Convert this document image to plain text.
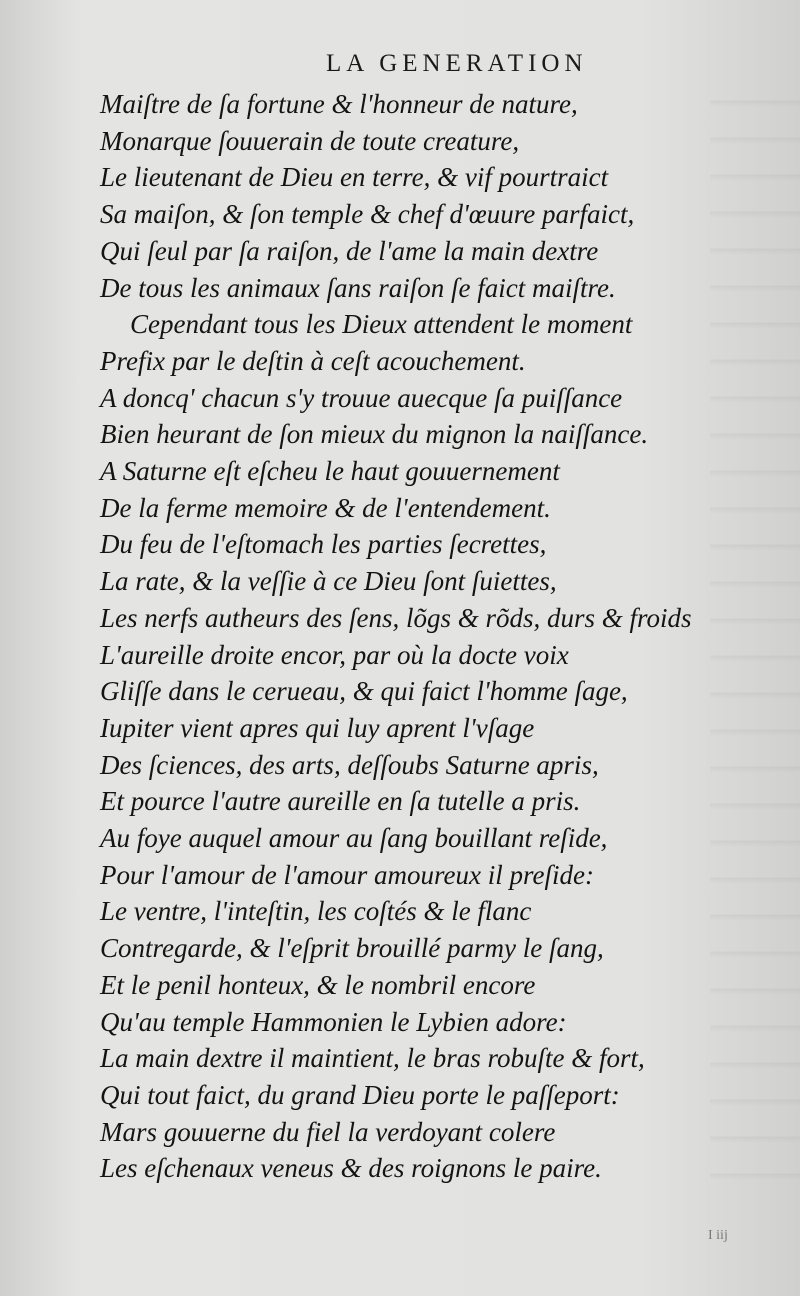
LA GENERATION
Maiſtre de ſa fortune & l'honneur de nature,
Monarque ſouuerain de toute creature,
Le lieutenant de Dieu en terre, & vif pourtraict
Sa maiſon, & ſon temple & chef d'œuure parfaict,
Qui ſeul par ſa raiſon, de l'ame la main dextre
De tous les animaux ſans raiſon ſe faict maiſtre.
Cependant tous les Dieux attendent le moment
Prefix par le deſtin à ceſt acouchement.
A doncq' chacun s'y trouue auecque ſa puiſſance
Bien heurant de ſon mieux du mignon la naiſſance.
A Saturne eſt eſcheu le haut gouuernement
De la ferme memoire & de l'entendement.
Du feu de l'eſtomach les parties ſecrettes,
La rate, & la veſſie à ce Dieu ſont ſuiettes,
Les nerfs autheurs des ſens, lõgs & rõds, durs & froids
L'aureille droite encor, par où la docte voix
Gliſſe dans le cerueau, & qui faict l'homme ſage,
Iupiter vient apres qui luy aprent l'vſage
Des ſciences, des arts, deſſoubs Saturne apris,
Et pource l'autre aureille en ſa tutelle a pris.
Au foye auquel amour au ſang bouillant reſide,
Pour l'amour de l'amour amoureux il preſide:
Le ventre, l'inteſtin, les coſtés & le flanc
Contregarde, & l'eſprit brouillé parmy le ſang,
Et le penil honteux, & le nombril encore
Qu'au temple Hammonien le Lybien adore:
La main dextre il maintient, le bras robuſte & fort,
Qui tout faict, du grand Dieu porte le paſſeport:
Mars gouuerne du fiel la verdoyant colere
Les eſchenaux veneus & des roignons le paire.
I iij
